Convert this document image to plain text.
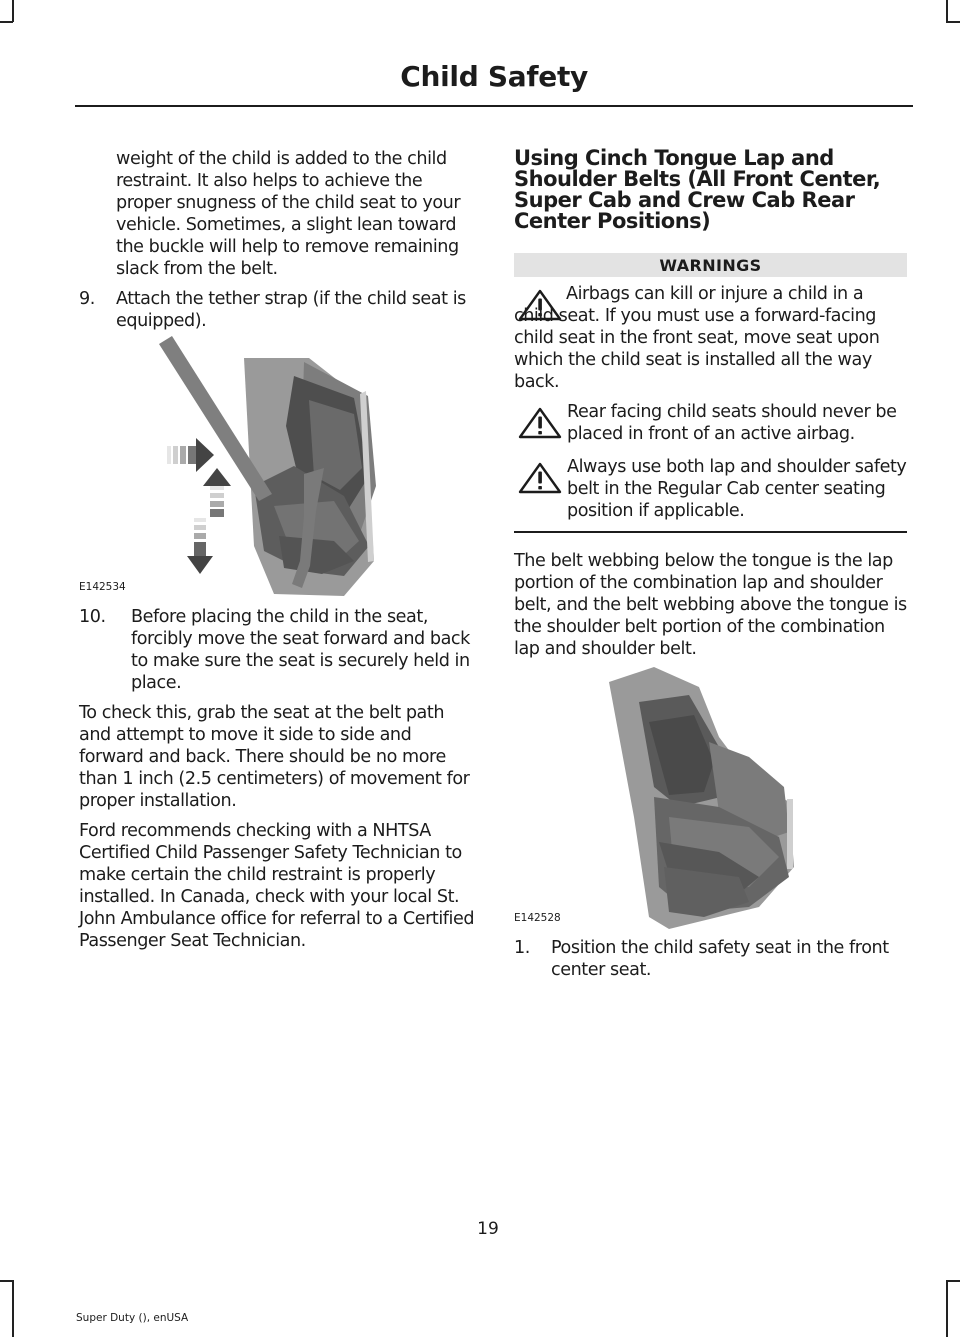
Child Safety

weight of the child is added to the child restraint. It also helps to achieve the proper snugness of the child seat to your vehicle. Sometimes, a slight lean toward the buckle will help to remove remaining slack from the belt.

9.	Attach the tether strap (if the child seat is equipped).
E142534
10.	Before placing the child in the seat, forcibly move the seat forward and back to make sure the seat is securely held in place.

To check this, grab the seat at the belt path and attempt to move it side to side and forward and back. There should be no more than 1 inch (2.5 centimeters) of movement for proper installation.

Ford recommends checking with a NHTSA Certified Child Passenger Safety Technician to make certain the child restraint is properly installed. In Canada, check with your local St. John Ambulance office for referral to a Certified Passenger Seat Technician.

Using Cinch Tongue Lap and Shoulder Belts (All Front Center, Super Cab and Crew Cab Rear Center Positions)
WARNINGS

Airbags can kill or injure a child in a child seat. If you must use a forward-facing child seat in the front seat, move seat upon which the child seat is installed all the way back.

Rear facing child seats should never be placed in front of an active airbag.

Always use both lap and shoulder safety belt in the Regular Cab center seating position if applicable.

The belt webbing below the tongue is the lap portion of the combination lap and shoulder belt, and the belt webbing above the tongue is the shoulder belt portion of the combination lap and shoulder belt.

E142528
1.	Position the child safety seat in the front center seat.
19
Super Duty (), enUSA
